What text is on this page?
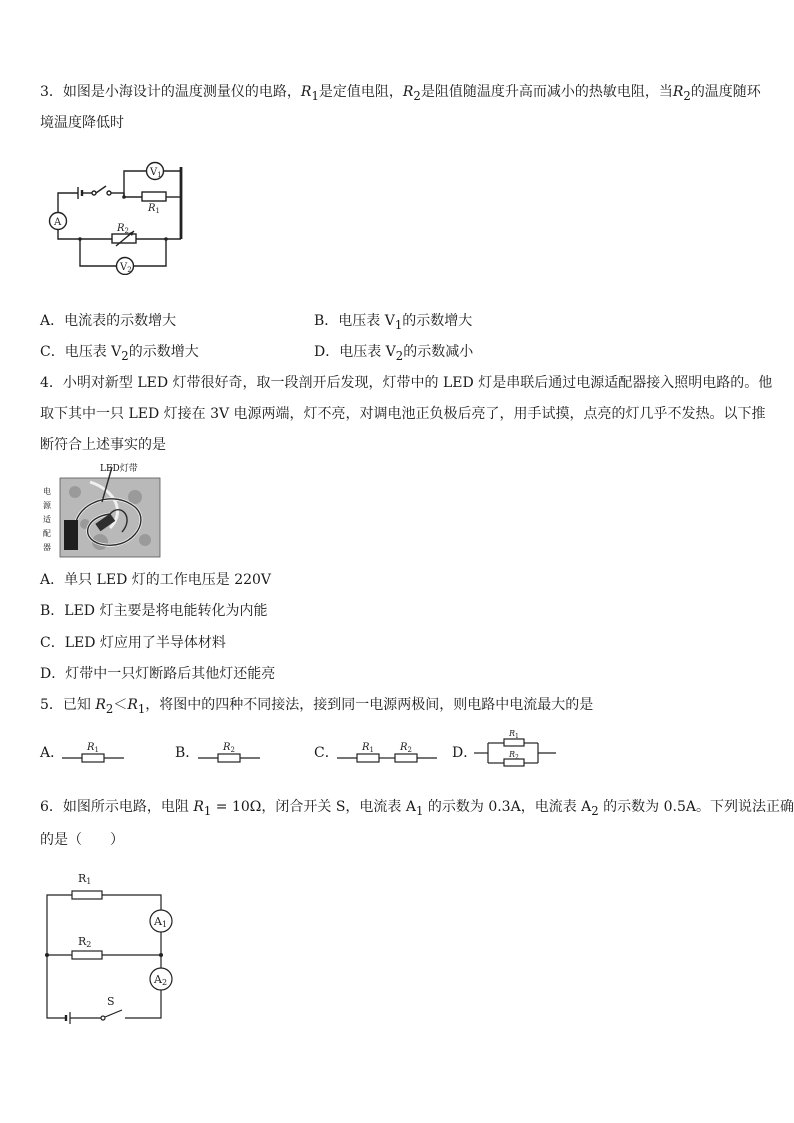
3．如图是小海设计的温度测量仪的电路，$R_1$是定值电阻，$R_2$是阻值随温度升高而减小的热敏电阻，当$R_2$的温度随环
境温度降低时
$V_1$
A
$R_1$
$R_2$
$V_2$
A．电流表的示数增大	B．电压表 $V_1$的示数增大
C．电压表 $V_2$的示数增大	D．电压表 $V_2$的示数减小
4．小明对新型 LED 灯带很好奇，取一段剖开后发现，灯带中的 LED 灯是串联后通过电源适配器接入照明电路的。他
取下其中一只 LED 灯接在 3V 电源两端，灯不亮，对调电池正负极后亮了，用手试摸，点亮的灯几乎不发热。以下推
断符合上述事实的是
LED灯带
电
源
适
配
器
A．单只 LED 灯的工作电压是 220V
B．LED 灯主要是将电能转化为内能
C．LED 灯应用了半导体材料
D．灯带中一只灯断路后其他灯还能亮
5．已知 $R_2<R_1$，将图中的四种不同接法，接到同一电源两极间，则电路中电流最大的是
A． $R_1$	B． $R_2$	C． $R_1$	$R_2$	D．
$R_1$
$R_2$
6．如图所示电路，电阻 $R_1 = 10\Omega$，闭合开关 S，电流表 $A_1$ 的示数为 0.3A，电流表 $A_2$ 的示数为 0.5A。下列说法正确
的是（　　）
R1
R2
A1
A2
S
